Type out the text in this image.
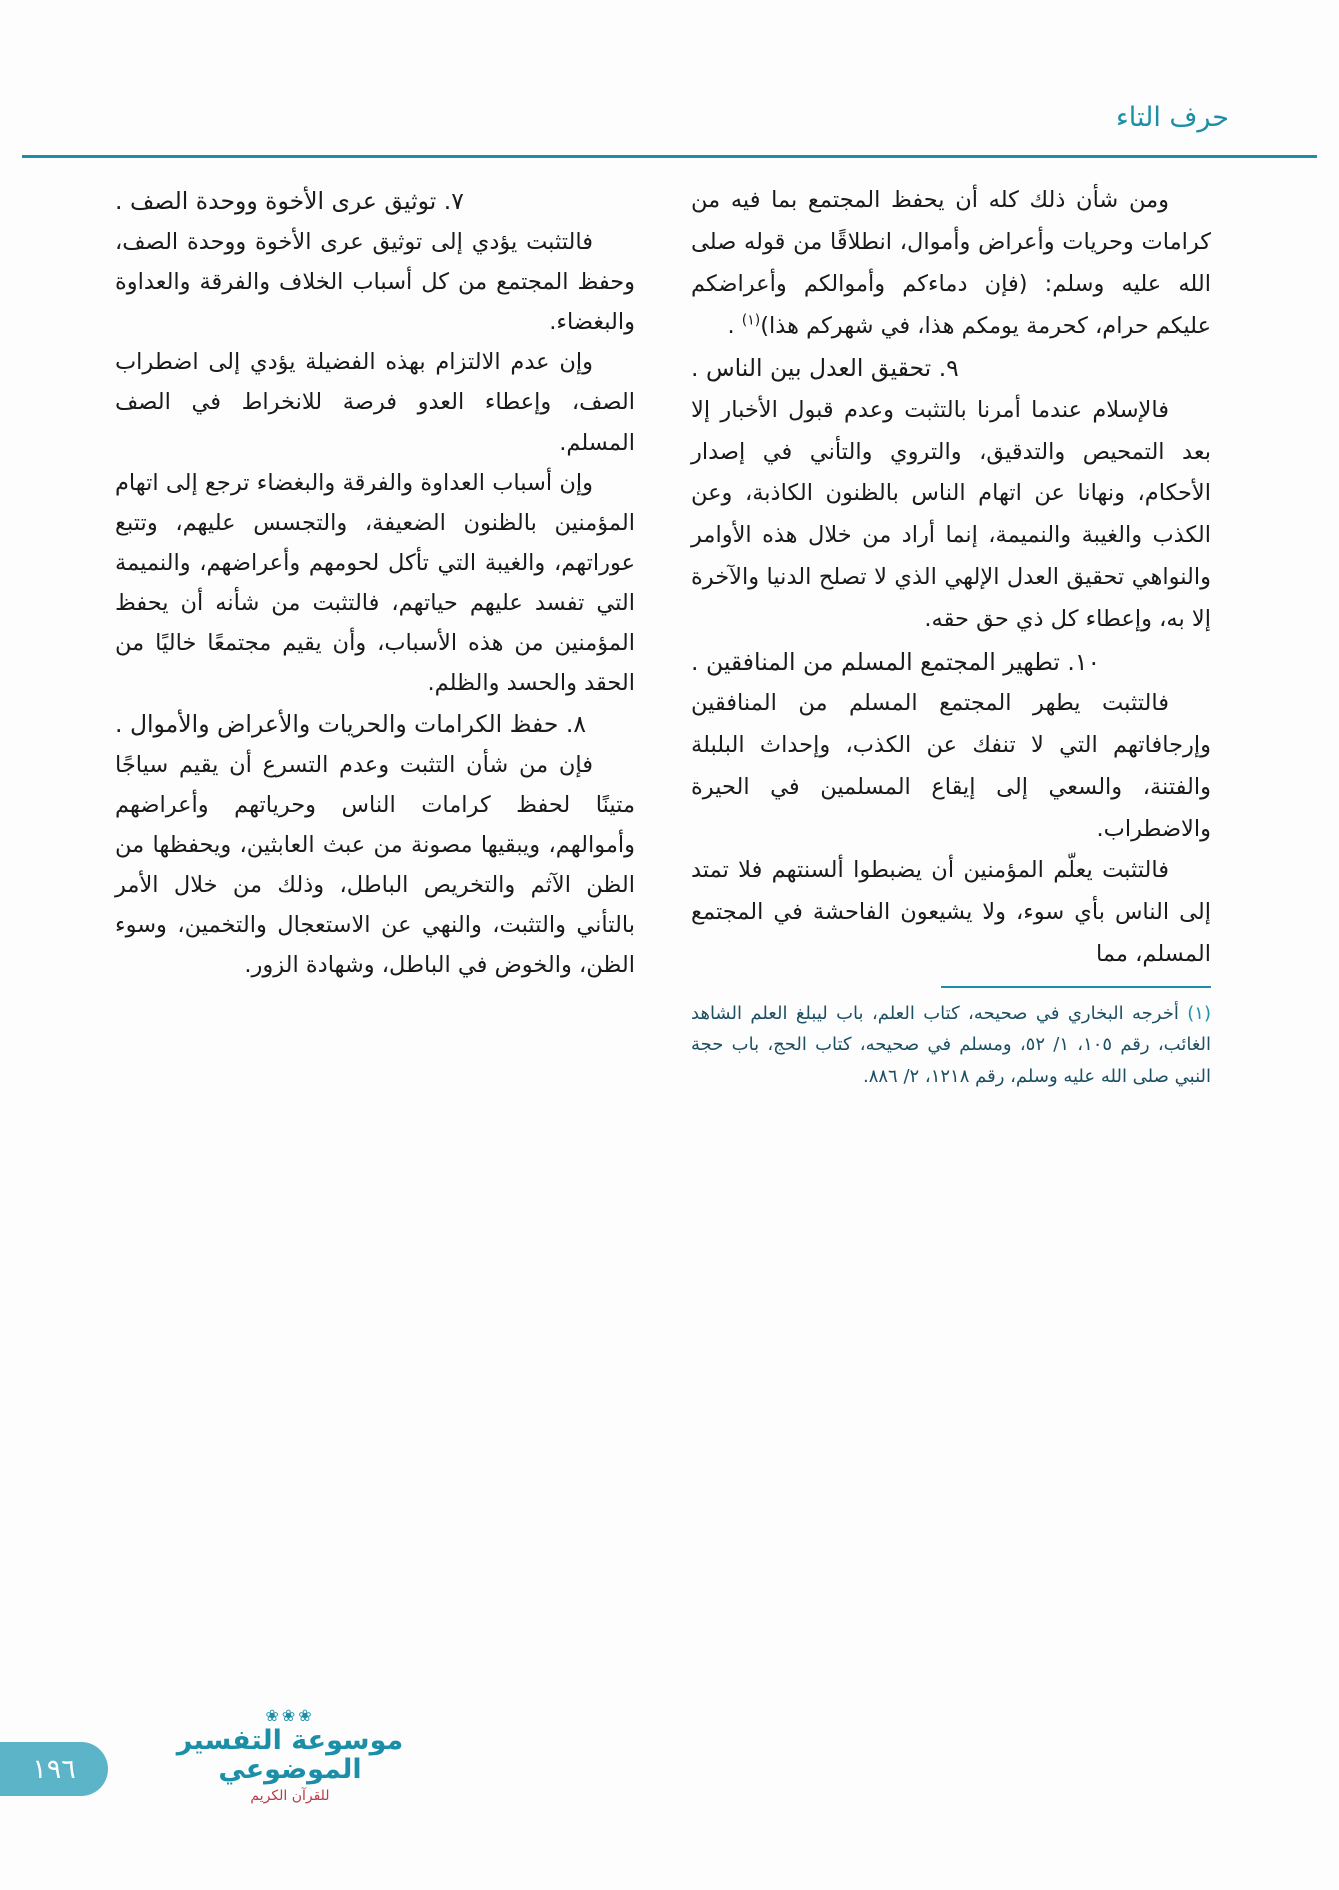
حرف التاء

ومن شأن ذلك كله أن يحفظ المجتمع بما فيه من كرامات وحريات وأعراض وأموال، انطلاقًا من قوله صلى الله عليه وسلم: (فإن دماءكم وأموالكم وأعراضكم عليكم حرام، كحرمة يومكم هذا، في شهركم هذا)$^{(١)}$ .

٩. تحقيق العدل بين الناس .

فالإسلام عندما أمرنا بالتثبت وعدم قبول الأخبار إلا بعد التمحيص والتدقيق، والتروي والتأني في إصدار الأحكام، ونهانا عن اتهام الناس بالظنون الكاذبة، وعن الكذب والغيبة والنميمة، إنما أراد من خلال هذه الأوامر والنواهي تحقيق العدل الإلهي الذي لا تصلح الدنيا والآخرة إلا به، وإعطاء كل ذي حق حقه.

١٠. تطهير المجتمع المسلم من المنافقين .

فالتثبت يطهر المجتمع المسلم من المنافقين وإرجافاتهم التي لا تنفك عن الكذب، وإحداث البلبلة والفتنة، والسعي إلى إيقاع المسلمين في الحيرة والاضطراب.

فالتثبت يعلّم المؤمنين أن يضبطوا ألسنتهم فلا تمتد إلى الناس بأي سوء، ولا يشيعون الفاحشة في المجتمع المسلم، مما

(١) أخرجه البخاري في صحيحه، كتاب العلم، باب ليبلغ العلم الشاهد الغائب، رقم ١٠٥، ١/ ٥٢، ومسلم في صحيحه، كتاب الحج، باب حجة النبي صلى الله عليه وسلم، رقم ١٢١٨، ٢/ ٨٨٦.
٧. توثيق عرى الأخوة ووحدة الصف .

فالتثبت يؤدي إلى توثيق عرى الأخوة ووحدة الصف، وحفظ المجتمع من كل أسباب الخلاف والفرقة والعداوة والبغضاء.

وإن عدم الالتزام بهذه الفضيلة يؤدي إلى اضطراب الصف، وإعطاء العدو فرصة للانخراط في الصف المسلم.

وإن أسباب العداوة والفرقة والبغضاء ترجع إلى اتهام المؤمنين بالظنون الضعيفة، والتجسس عليهم، وتتبع عوراتهم، والغيبة التي تأكل لحومهم وأعراضهم، والنميمة التي تفسد عليهم حياتهم، فالتثبت من شأنه أن يحفظ المؤمنين من هذه الأسباب، وأن يقيم مجتمعًا خاليًا من الحقد والحسد والظلم.

٨. حفظ الكرامات والحريات والأعراض والأموال .

فإن من شأن التثبت وعدم التسرع أن يقيم سياجًا متينًا لحفظ كرامات الناس وحرياتهم وأعراضهم وأموالهم، ويبقيها مصونة من عبث العابثين، ويحفظها من الظن الآثم والتخريص الباطل، وذلك من خلال الأمر بالتأني والتثبت، والنهي عن الاستعجال والتخمين، وسوء الظن، والخوض في الباطل، وشهادة الزور.

١٩٦
❀❀❀
موسوعة التفسير الموضوعي
للقرآن الكريم
